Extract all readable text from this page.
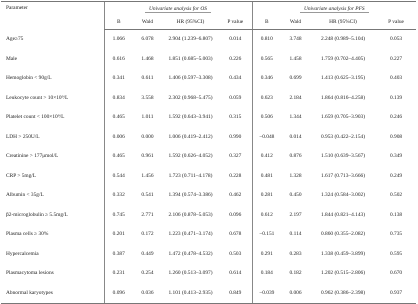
Parameter	Univariate analysis for OS				Univariate analysis for PFS			
	B	Wald	HR (95%CI)	P value	B	Wald	HR (95%CI)	P value
Age≥75	1.066	6.078	2.904 (1.239–6.807)	0.014	0.810	3.748	2.248 (0.989–5.104)	0.053
Male	0.616	1.468	1.851 (0.685–5.003)	0.226	0.565	1.458	1.759 (0.702–4.405)	0.227
Hemoglobin < 90g/L	0.341	0.611	1.406 (0.597–3.308)	0.434	0.346	0.699	1.413 (0.625–3.195)	0.403
Leukocyte count > 10×10⁹/L	0.834	3.558	2.302 (0.968–5.475)	0.059	0.623	2.184	1.864 (0.816–4.258)	0.139
Platelet count < 100×10⁹/L	0.465	1.011	1.592 (0.643–3.941)	0.315	0.506	1.344	1.659 (0.705–3.903)	0.246
LDH > 250U/L	0.006	0.000	1.006 (0.419–2.412)	0.990	−0.048	0.014	0.953 (0.422–2.154)	0.908
Creatinine > 177μmol/L	0.465	0.961	1.592 (0.626–4.052)	0.327	0.412	0.876	1.510 (0.639–3.567)	0.349
CRP > 5mg/L	0.544	1.456	1.723 (0.711–4.178)	0.228	0.481	1.328	1.617 (0.713–3.666)	0.249
Albumin < 35g/L	0.332	0.541	1.394 (0.574–3.386)	0.462	0.281	0.450	1.324 (0.584–3.002)	0.502
β2-microglobulin ≥ 5.5mg/L	0.745	2.771	2.106 (0.878–5.053)	0.096	0.612	2.197	1.844 (0.821–4.143)	0.138
Plasma cells ≥ 30%	0.201	0.172	1.223 (0.471–3.174)	0.678	−0.151	0.114	0.860 (0.355–2.082)	0.735
Hypercalcemia	0.387	0.449	1.472 (0.478–4.532)	0.503	0.291	0.283	1.338 (0.459–3.899)	0.595
Plasmacytoma lesions	0.231	0.254	1.260 (0.513–3.097)	0.614	0.184	0.182	1.202 (0.515–2.806)	0.670
Abnormal karyotypes	0.096	0.036	1.101 (0.413–2.935)	0.849	−0.039	0.006	0.962 (0.386–2.398)	0.937
